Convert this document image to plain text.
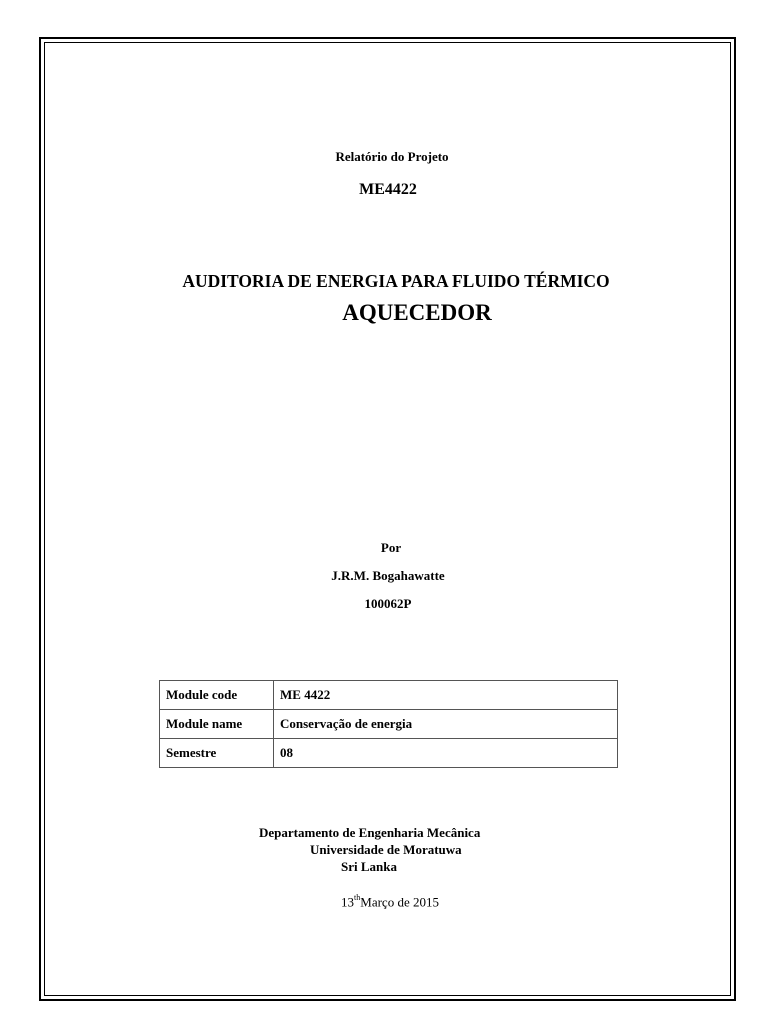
Relatório do Projeto
ME4422
AUDITORIA DE ENERGIA PARA FLUIDO TÉRMICO
AQUECEDOR
Por
J.R.M. Bogahawatte
100062P
Module code	ME 4422
Module name	Conservação de energia
Semestre	08
Departamento de Engenharia Mecânica
Universidade de Moratuwa
Sri Lanka
13thMarço de 2015
